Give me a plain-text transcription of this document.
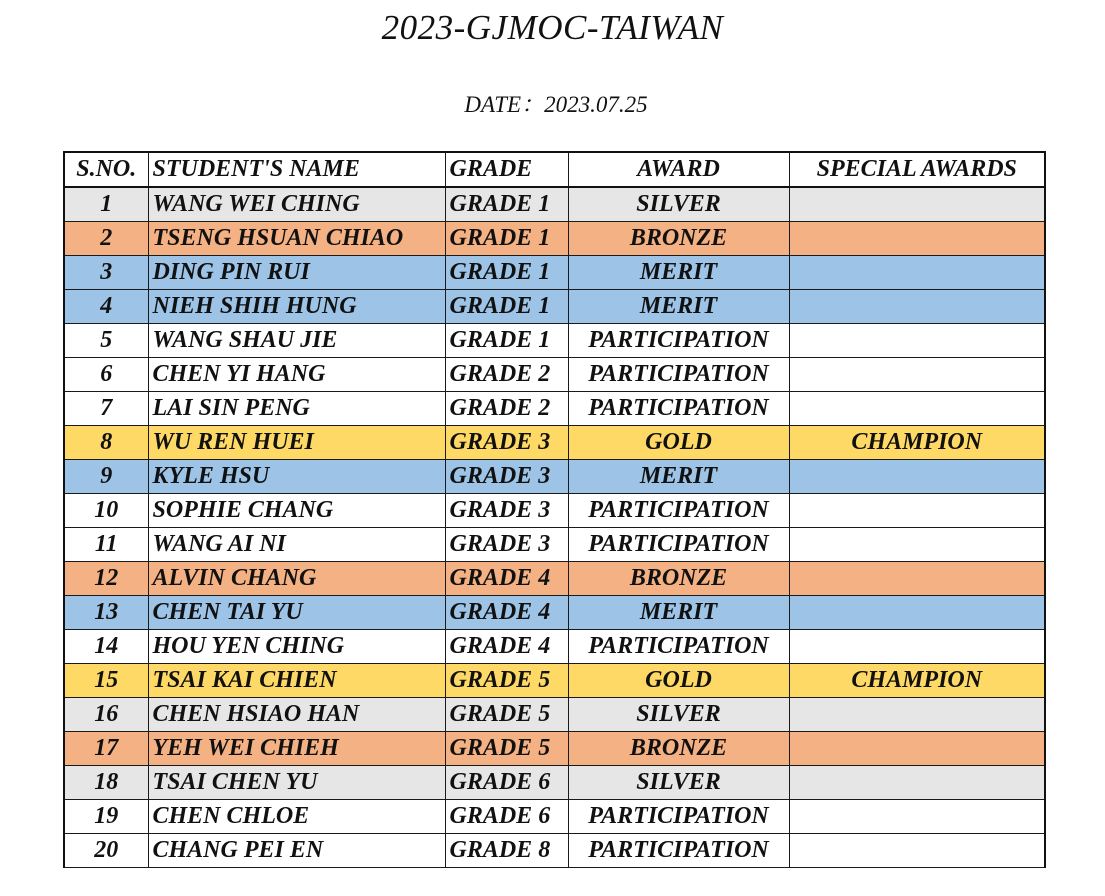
2023-GJMOC-TAIWAN
DATE：2023.07.25
S.NO.	STUDENT'S NAME	GRADE	AWARD	SPECIAL AWARDS
1	WANG WEI CHING	GRADE 1	SILVER	
2	TSENG HSUAN CHIAO	GRADE 1	BRONZE	
3	DING PIN RUI	GRADE 1	MERIT	
4	NIEH SHIH HUNG	GRADE 1	MERIT	
5	WANG SHAU JIE	GRADE 1	PARTICIPATION	
6	CHEN YI HANG	GRADE 2	PARTICIPATION	
7	LAI SIN PENG	GRADE 2	PARTICIPATION	
8	WU REN HUEI	GRADE 3	GOLD	CHAMPION
9	KYLE HSU	GRADE 3	MERIT	
10	SOPHIE CHANG	GRADE 3	PARTICIPATION	
11	WANG AI NI	GRADE 3	PARTICIPATION	
12	ALVIN CHANG	GRADE 4	BRONZE	
13	CHEN TAI YU	GRADE 4	MERIT	
14	HOU YEN CHING	GRADE 4	PARTICIPATION	
15	TSAI KAI CHIEN	GRADE 5	GOLD	CHAMPION
16	CHEN HSIAO HAN	GRADE 5	SILVER	
17	YEH WEI CHIEH	GRADE 5	BRONZE	
18	TSAI CHEN YU	GRADE 6	SILVER	
19	CHEN CHLOE	GRADE 6	PARTICIPATION	
20	CHANG PEI EN	GRADE 8	PARTICIPATION	
